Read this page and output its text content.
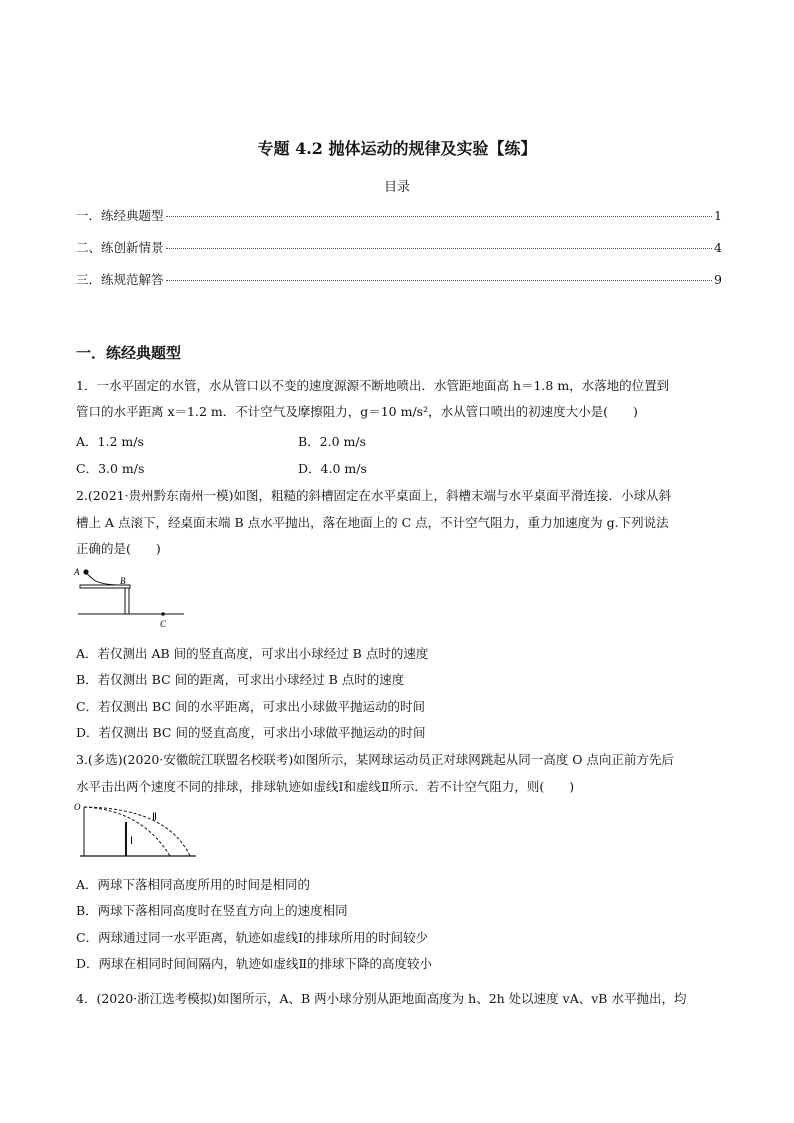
专题 4.2 抛体运动的规律及实验【练】
目录
一．练经典题型	1
二、练创新情景	4
三．练规范解答	9
一．练经典题型
1．一水平固定的水管，水从管口以不变的速度源源不断地喷出．水管距地面高 h＝1.8 m，水落地的位置到
管口的水平距离 x＝1.2 m．不计空气及摩擦阻力，g＝10 m/s²，水从管口喷出的初速度大小是(　　)
A．1.2 m/s	B．2.0 m/s
C．3.0 m/s	D．4.0 m/s
2.(2021·贵州黔东南州一模)如图，粗糙的斜槽固定在水平桌面上，斜槽末端与水平桌面平滑连接．小球从斜
槽上 A 点滚下，经桌面末端 B 点水平抛出，落在地面上的 C 点，不计空气阻力，重力加速度为 g.下列说法
正确的是(　　)
A
B
C
A．若仅测出 AB 间的竖直高度，可求出小球经过 B 点时的速度
B．若仅测出 BC 间的距离，可求出小球经过 B 点时的速度
C．若仅测出 BC 间的水平距离，可求出小球做平抛运动的时间
D．若仅测出 BC 间的竖直高度，可求出小球做平抛运动的时间
3.(多选)(2020·安徽皖江联盟名校联考)如图所示，某网球运动员正对球网跳起从同一高度 O 点向正前方先后
水平击出两个速度不同的排球，排球轨迹如虚线Ⅰ和虚线Ⅱ所示．若不计空气阻力，则(　　)
O
Ⅰ
Ⅱ
A．两球下落相同高度所用的时间是相同的
B．两球下落相同高度时在竖直方向上的速度相同
C．两球通过同一水平距离，轨迹如虚线Ⅰ的排球所用的时间较少
D．两球在相同时间间隔内，轨迹如虚线Ⅱ的排球下降的高度较小
4．(2020·浙江选考模拟)如图所示，A、B 两小球分别从距地面高度为 h、2h 处以速度 vA、vB 水平抛出，均
